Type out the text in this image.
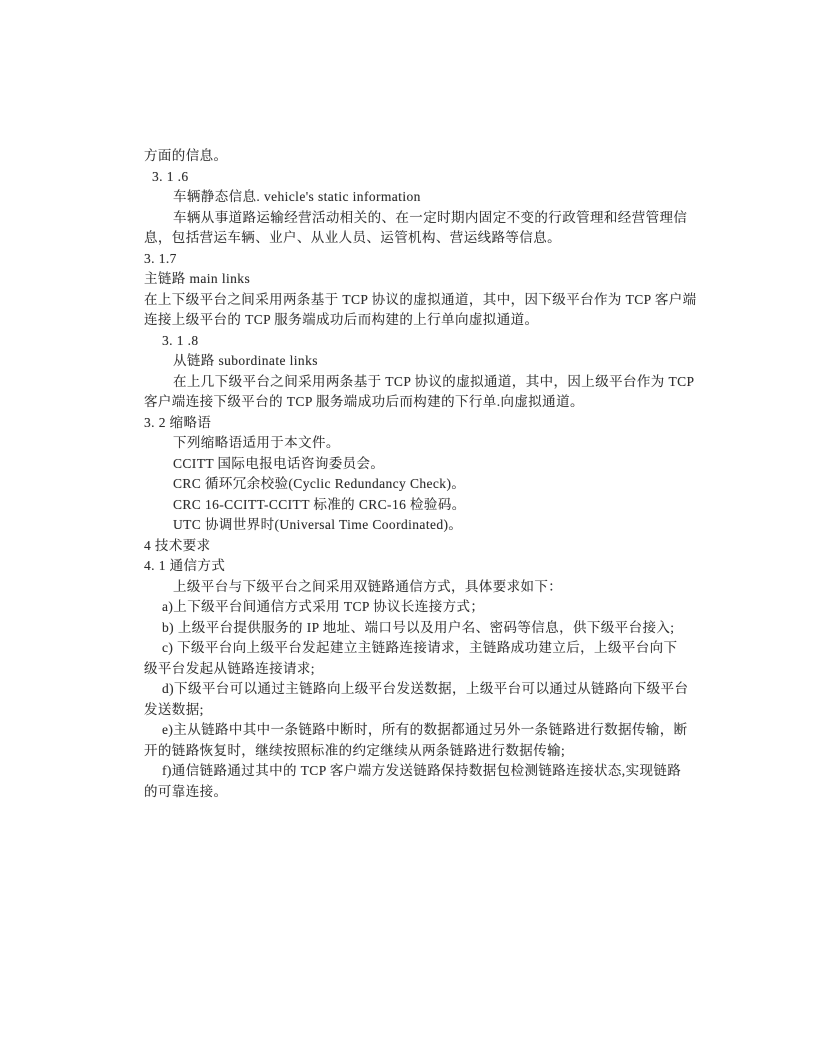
方面的信息。

3. 1 .6

车辆静态信息. vehicle's static information

车辆从事道路运输经营活动相关的、在一定时期内固定不变的行政管理和经营管理信

息，包括营运车辆、业户、从业人员、运管机构、营运线路等信息。

3. 1.7

主链路 main links

在上下级平台之间采用两条基于 TCP 协议的虚拟通道，其中，因下级平台作为 TCP 客户端

连接上级平台的 TCP 服务端成功后而构建的上行单向虚拟通道。

3. 1 .8

从链路 subordinate links

在上几下级平台之间采用两条基于 TCP 协议的虚拟通道，其中，因上级平台作为 TCP

客户端连接下级平台的 TCP 服务端成功后而构建的下行单.向虚拟通道。

3. 2 缩略语

下列缩略语适用于本文件。

CCITT 国际电报电话咨询委员会。

CRC 循环冗余校验(Cyclic Redundancy Check)。

CRC 16-CCITT-CCITT 标准的 CRC-16 检验码。

UTC 协调世界时(Universal Time Coordinated)。

4 技术要求

4. 1 通信方式

上级平台与下级平台之间采用双链路通信方式，具体要求如下：

a)上下级平台间通信方式采用 TCP 协议长连接方式；

b) 上级平台提供服务的 IP 地址、端口号以及用户名、密码等信息，供下级平台接入;

c) 下级平台向上级平台发起建立主链路连接请求，主链路成功建立后，上级平台向下

级平台发起从链路连接请求;

d)下级平台可以通过主链路向上级平台发送数据，上级平台可以通过从链路向下级平台

发送数据;

e)主从链路中其中一条链路中断时，所有的数据都通过另外一条链路进行数据传输，断

开的链路恢复时，继续按照标准的约定继续从两条链路进行数据传输;

f)通信链路通过其中的 TCP 客户端方发送链路保持数据包检测链路连接状态,实现链路

的可靠连接。
